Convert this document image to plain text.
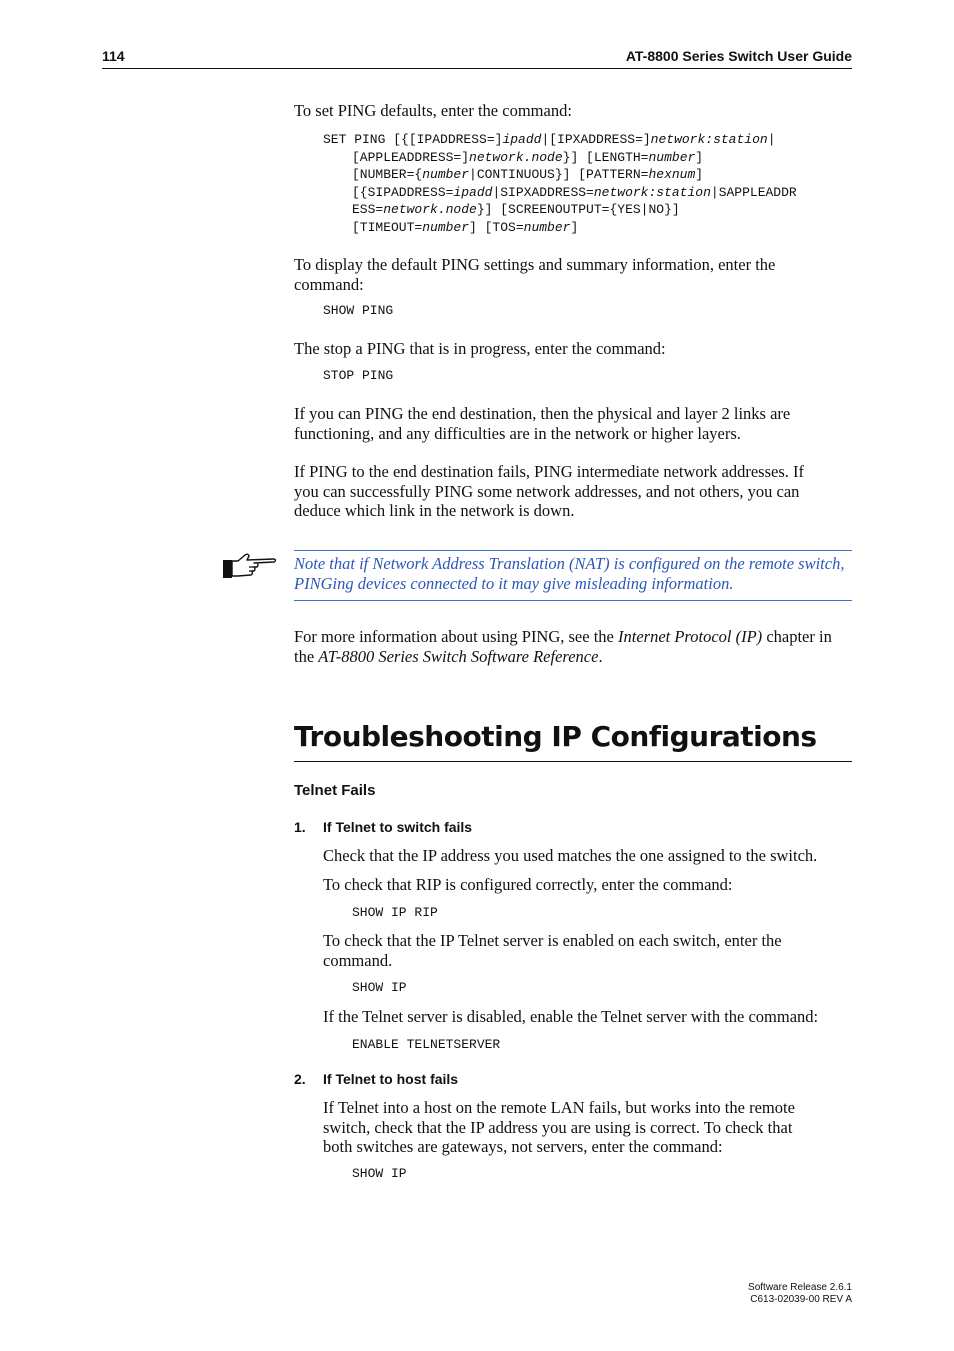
114	AT-8800 Series Switch User Guide
To set PING defaults, enter the command:
SET PING [{[IPADDRESS=]ipadd|[IPXADDRESS=]network:station|
[APPLEADDRESS=]network.node}] [LENGTH=number]
[NUMBER={number|CONTINUOUS}] [PATTERN=hexnum]
[{SIPADDRESS=ipadd|SIPXADDRESS=network:station|SAPPLEADDR
ESS=network.node}] [SCREENOUTPUT={YES|NO}]
[TIMEOUT=number] [TOS=number]
To display the default PING settings and summary information, enter the
command:
SHOW PING
The stop a PING that is in progress, enter the command:
STOP PING
If you can PING the end destination, then the physical and layer 2 links are
functioning, and any difficulties are in the network or higher layers.
If PING to the end destination fails, PING intermediate network addresses. If
you can successfully PING some network addresses, and not others, you can
deduce which link in the network is down.
Note that if Network Address Translation (NAT) is configured on the remote switch,
PINGing devices connected to it may give misleading information.
For more information about using PING, see the Internet Protocol (IP) chapter in
the AT-8800 Series Switch Software Reference.
Troubleshooting IP Configurations
Telnet Fails
1. If Telnet to switch fails
Check that the IP address you used matches the one assigned to the switch.
To check that RIP is configured correctly, enter the command:
SHOW IP RIP
To check that the IP Telnet server is enabled on each switch, enter the
command.
SHOW IP
If the Telnet server is disabled, enable the Telnet server with the command:
ENABLE TELNETSERVER
2. If Telnet to host fails
If Telnet into a host on the remote LAN fails, but works into the remote
switch, check that the IP address you are using is correct. To check that
both switches are gateways, not servers, enter the command:
SHOW IP
Software Release 2.6.1
C613-02039-00 REV A
